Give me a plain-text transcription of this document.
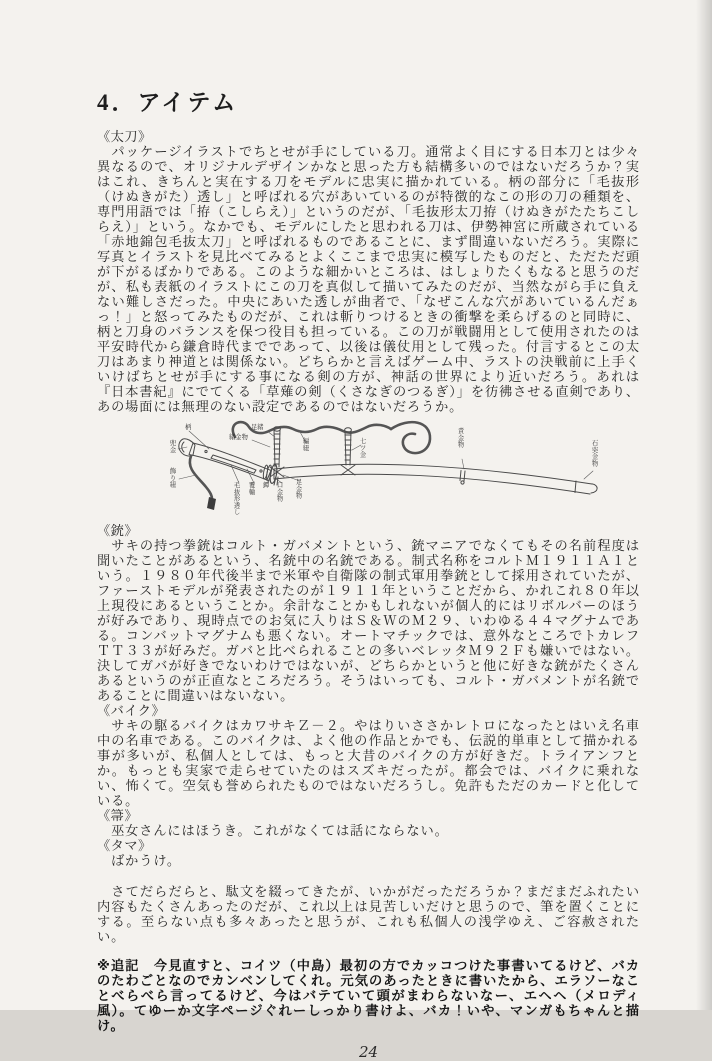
4．アイテム
《太刀》

　パッケージイラストでちとせが手にしている刀。通常よく目にする日本刀とは少々異なるので、オリジナルデザインかなと思った方も結構多いのではないだろうか？実はこれ、きちんと実在する刀をモデルに忠実に描かれている。柄の部分に「毛抜形（けぬきがた）透し」と呼ばれる穴があいているのが特徴的なこの形の刀の種類を、専門用語では「拵（こしらえ）」というのだが、「毛抜形太刀拵（けぬきがたたちこしらえ）」という。なかでも、モデルにしたと思われる刀は、伊勢神宮に所蔵されている「赤地錦包毛抜太刀」と呼ばれるものであることに、まず間違いないだろう。実際に写真とイラストを見比べてみるとよくここまで忠実に模写したものだと、ただただ頭が下がるばかりである。このような細かいところは、はしょりたくもなると思うのだが、私も表紙のイラストにこの刀を真似して描いてみたのだが、当然ながら手に負えない難しさだった。中央にあいた透しが曲者で、「なぜこんな穴があいているんだぁっ！」と怒ってみたものだが、これは斬りつけるときの衝撃を柔らげるのと同時に、柄と刀身のバランスを保つ役目も担っている。この刀が戦闘用として使用されたのは平安時代から鎌倉時代までであって、以後は儀仗用として残った。付言するとこの太刀はあまり神道とは関係ない。どちらかと言えばゲーム中、ラストの決戦前に上手くいけばちとせが手にする事になる剣の方が、神話の世界により近いだろう。あれは『日本書紀』にでてくる「草薙の剣（くさなぎのつるぎ）」を彷彿させる直剣であり、あの場面には無理のない設定であるのではないだろうか。

兜金
柄
飾り紐
足緒
緒金物
編紐
七ツ金
毛抜形透し
覆輪
鐔 口金物
足金物
責金物	石突金物
《銃》

　サキの持つ拳銃はコルト・ガバメントという、銃マニアでなくてもその名前程度は聞いたことがあるという、名銃中の名銃である。制式名称をコルトＭ１９１１Ａ１という。１９８０年代後半まで米軍や自衛隊の制式軍用拳銃として採用されていたが、ファーストモデルが発表されたのが１９１１年ということだから、かれこれ８０年以上現役にあるということか。余計なことかもしれないが個人的にはリボルバーのほうが好みであり、現時点でのお気に入りはＳ＆ＷのＭ２９、いわゆる４４マグナムである。コンバットマグナムも悪くない。オートマチックでは、意外なところでトカレフＴＴ３３が好みだ。ガバと比べられることの多いベレッタＭ９２Ｆも嫌いではない。決してガバが好きでないわけではないが、どちらかというと他に好きな銃がたくさんあるというのが正直なところだろう。そうはいっても、コルト・ガバメントが名銃であることに間違いはないない。

《バイク》

　サキの駆るバイクはカワサキＺ－２。やはりいささかレトロになったとはいえ名車中の名車である。このバイクは、よく他の作品とかでも、伝説的単車として描かれる事が多いが、私個人としては、もっと大昔のバイクの方が好きだ。トライアンフとか。もっとも実家で走らせていたのはスズキだったが。都会では、バイクに乗れない、怖くて。空気も誉められたものではないだろうし。免許もただのカードと化している。

《箒》

　巫女さんにはほうき。これがなくては話にならない。

《タマ》

　ばかうけ。

　さてだらだらと、駄文を綴ってきたが、いかがだっただろうか？まだまだふれたい内容もたくさんあったのだが、これ以上は見苦しいだけと思うので、筆を置くことにする。至らない点も多々あったと思うが、これも私個人の浅学ゆえ、ご容赦されたい。

※追記　今見直すと、コイツ（中島）最初の方でカッコつけた事書いてるけど、バカのたわごとなのでカンベンしてくれ。元気のあったときに書いたから、エラソーなことべらべら言ってるけど、今はバテていて頭がまわらないなー、エヘヘ（メロディ風）。てゆーか文字ページぐれーしっかり書けよ、バカ！いや、マンガもちゃんと描け。

24
